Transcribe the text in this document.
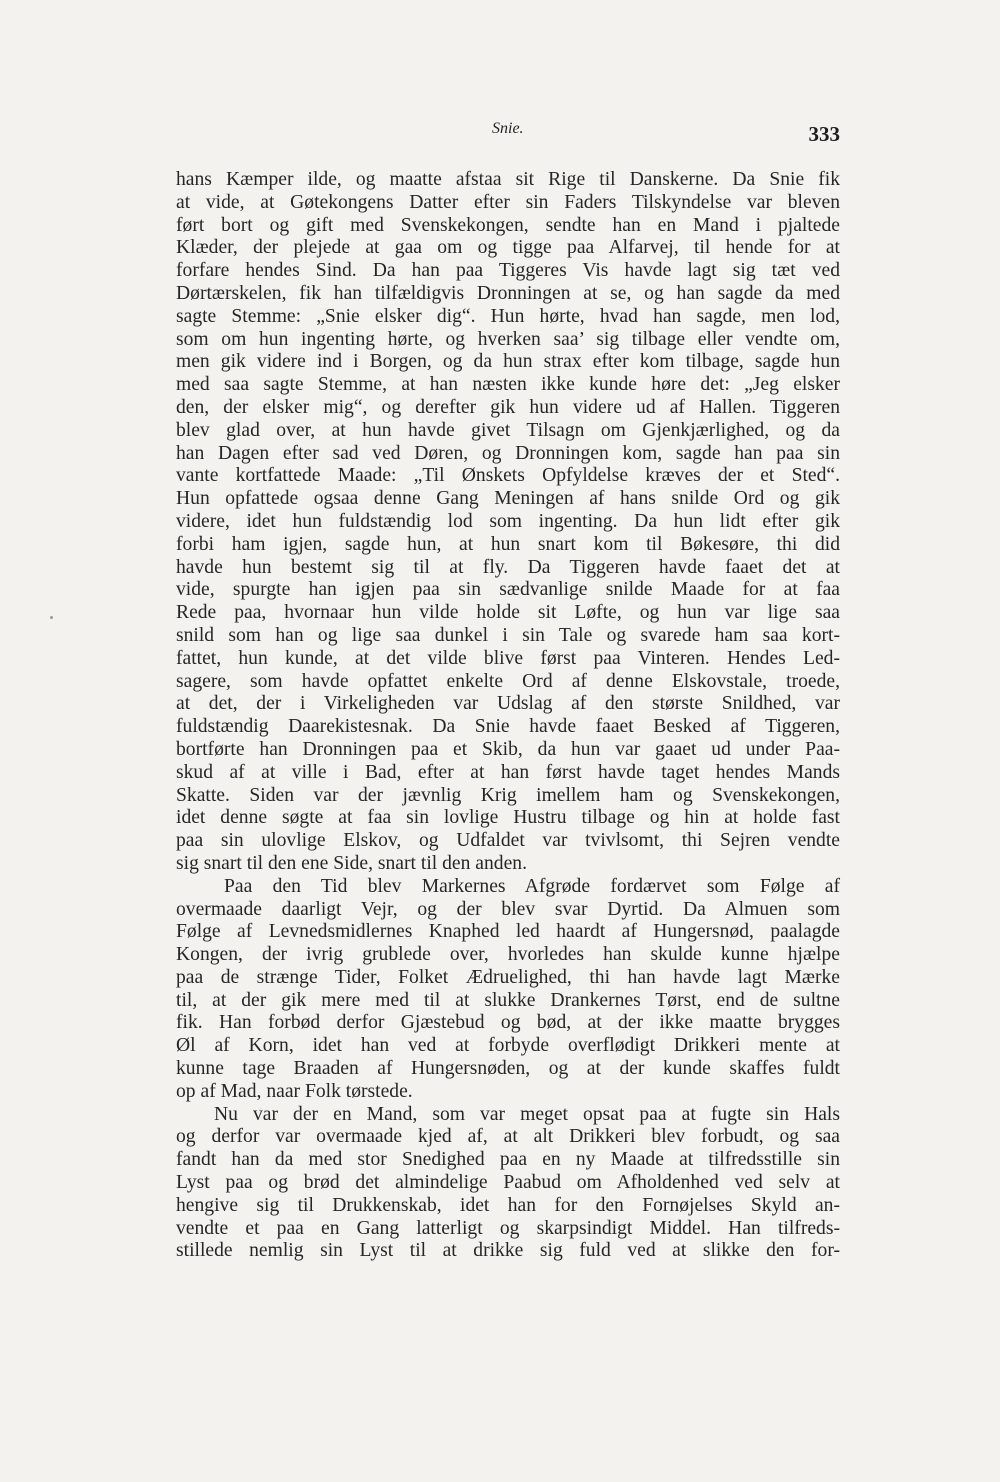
Snie.	333
hans Kæmper ilde, og maatte afstaa sit Rige til Danskerne. Da Snie fik
at vide, at Gøtekongens Datter efter sin Faders Tilskyndelse var bleven
ført bort og gift med Svenskekongen, sendte han en Mand i pjaltede
Klæder, der plejede at gaa om og tigge paa Alfarvej, til hende for at
forfare hendes Sind. Da han paa Tiggeres Vis havde lagt sig tæt ved
Dørtærskelen, fik han tilfældigvis Dronningen at se, og han sagde da med
sagte Stemme: „Snie elsker dig“. Hun hørte, hvad han sagde, men lod,
som om hun ingenting hørte, og hverken saa’ sig tilbage eller vendte om,
men gik videre ind i Borgen, og da hun strax efter kom tilbage, sagde hun
med saa sagte Stemme, at han næsten ikke kunde høre det: „Jeg elsker
den, der elsker mig“, og derefter gik hun videre ud af Hallen. Tiggeren
blev glad over, at hun havde givet Tilsagn om Gjenkjærlighed, og da
han Dagen efter sad ved Døren, og Dronningen kom, sagde han paa sin
vante kortfattede Maade: „Til Ønskets Opfyldelse kræves der et Sted“.
Hun opfattede ogsaa denne Gang Meningen af hans snilde Ord og gik
videre, idet hun fuldstændig lod som ingenting. Da hun lidt efter gik
forbi ham igjen, sagde hun, at hun snart kom til Bøkesøre, thi did
havde hun bestemt sig til at fly. Da Tiggeren havde faaet det at
vide, spurgte han igjen paa sin sædvanlige snilde Maade for at faa
Rede paa, hvornaar hun vilde holde sit Løfte, og hun var lige saa
snild som han og lige saa dunkel i sin Tale og svarede ham saa kort-
fattet, hun kunde, at det vilde blive først paa Vinteren. Hendes Led-
sagere, som havde opfattet enkelte Ord af denne Elskovstale, troede,
at det, der i Virkeligheden var Udslag af den største Snildhed, var
fuldstændig Daarekistesnak. Da Snie havde faaet Besked af Tiggeren,
bortførte han Dronningen paa et Skib, da hun var gaaet ud under Paa-
skud af at ville i Bad, efter at han først havde taget hendes Mands
Skatte. Siden var der jævnlig Krig imellem ham og Svenskekongen,
idet denne søgte at faa sin lovlige Hustru tilbage og hin at holde fast
paa sin ulovlige Elskov, og Udfaldet var tvivlsomt, thi Sejren vendte
sig snart til den ene Side, snart til den anden.
Paa den Tid blev Markernes Afgrøde fordærvet som Følge af
overmaade daarligt Vejr, og der blev svar Dyrtid. Da Almuen som
Følge af Levnedsmidlernes Knaphed led haardt af Hungersnød, paalagde
Kongen, der ivrig grublede over, hvorledes han skulde kunne hjælpe
paa de strænge Tider, Folket Ædruelighed, thi han havde lagt Mærke
til, at der gik mere med til at slukke Drankernes Tørst, end de sultne
fik. Han forbød derfor Gjæstebud og bød, at der ikke maatte brygges
Øl af Korn, idet han ved at forbyde overflødigt Drikkeri mente at
kunne tage Braaden af Hungersnøden, og at der kunde skaffes fuldt
op af Mad, naar Folk tørstede.
Nu var der en Mand, som var meget opsat paa at fugte sin Hals
og derfor var overmaade kjed af, at alt Drikkeri blev forbudt, og saa
fandt han da med stor Snedighed paa en ny Maade at tilfredsstille sin
Lyst paa og brød det almindelige Paabud om Afholdenhed ved selv at
hengive sig til Drukkenskab, idet han for den Fornøjelses Skyld an-
vendte et paa en Gang latterligt og skarpsindigt Middel. Han tilfreds-
stillede nemlig sin Lyst til at drikke sig fuld ved at slikke den for-
